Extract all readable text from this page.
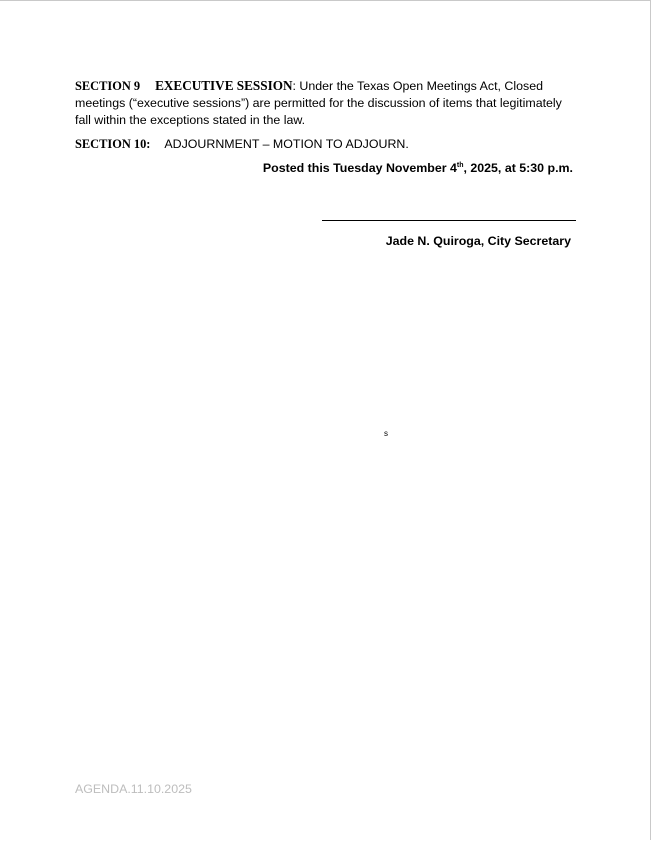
SECTION 9 EXECUTIVE SESSION: Under the Texas Open Meetings Act, Closed meetings (“executive sessions”) are permitted for the discussion of items that legitimately fall within the exceptions stated in the law.
SECTION 10: ADJOURNMENT – MOTION TO ADJOURN.
Posted this Tuesday November 4th, 2025, at 5:30 p.m.
Jade N. Quiroga, City Secretary
s
AGENDA.11.10.2025
